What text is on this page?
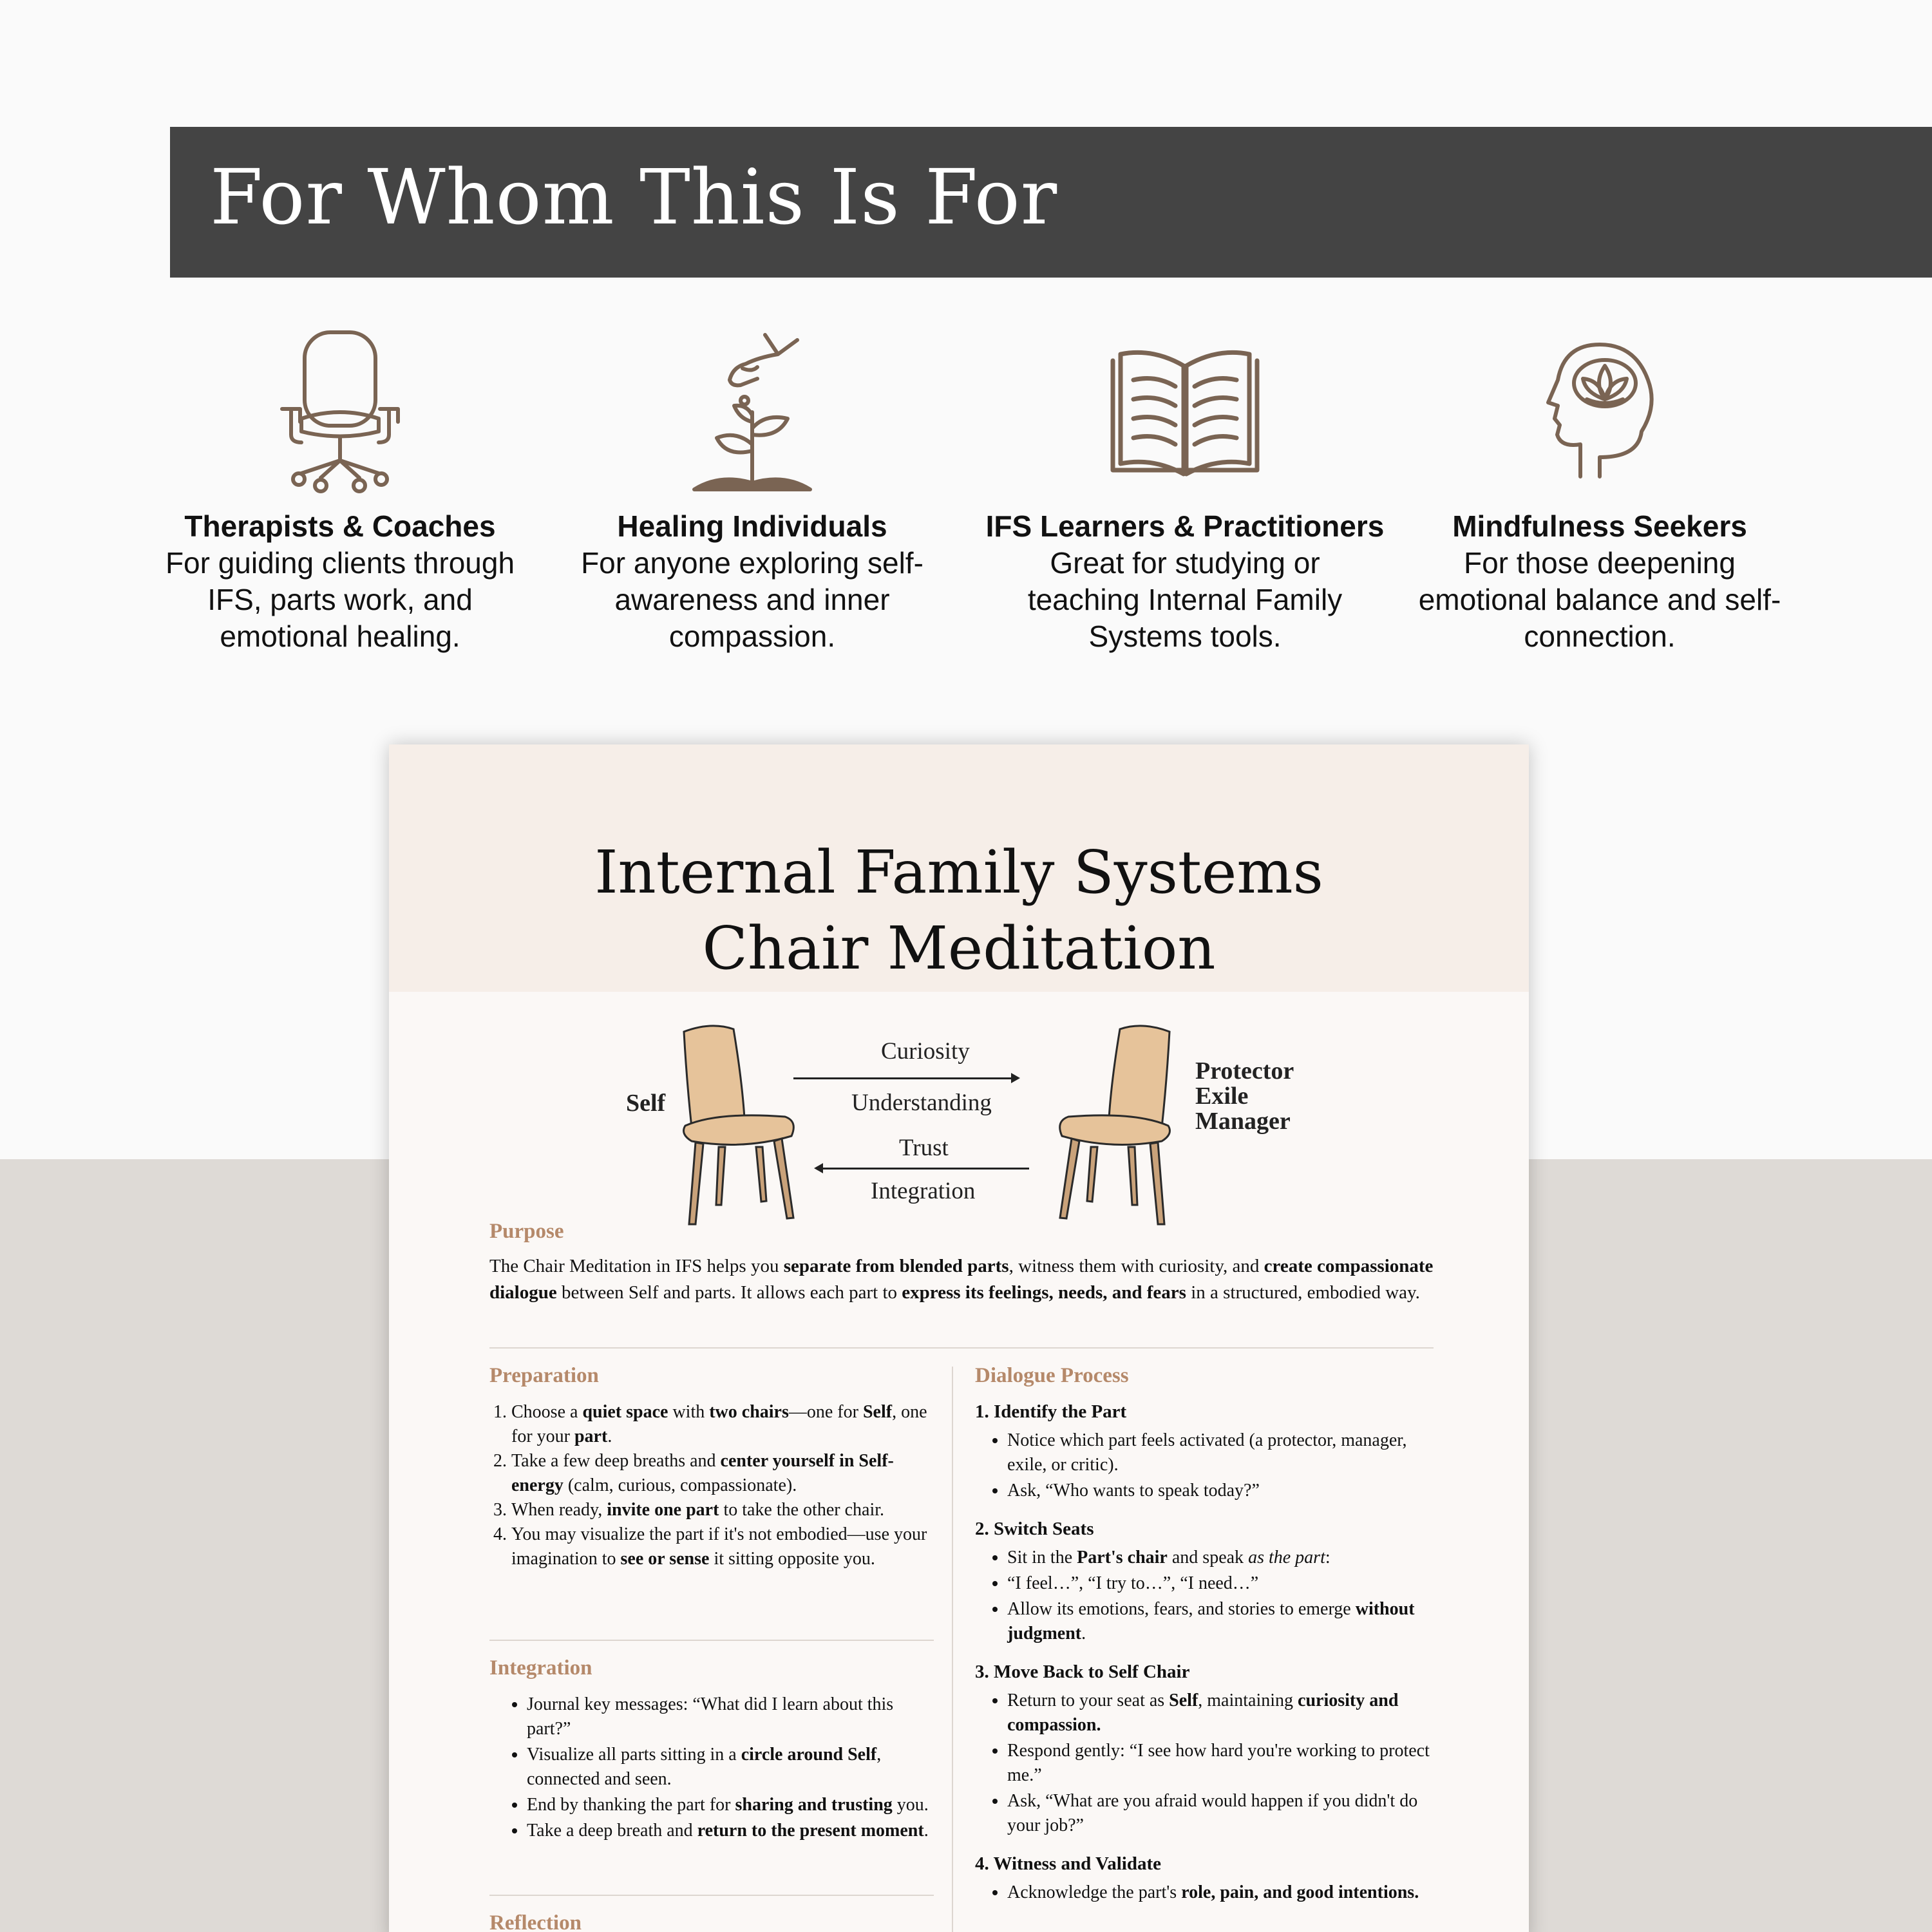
For Whom This Is For
Therapists & Coaches

For guiding clients through IFS, parts work, and emotional healing.

Healing Individuals

For anyone exploring self-awareness and inner compassion.

IFS Learners & Practitioners

Great for studying or teaching Internal Family Systems tools.

Mindfulness Seekers

For those deepening emotional balance and self-connection.

Internal Family Systems
Chair Meditation
Self
Curiosity
Understanding
Trust
Integration
Protector
Exile
Manager
Purpose
The Chair Meditation in IFS helps you separate from blended parts, witness them with curiosity, and create compassionate dialogue between Self and parts. It allows each part to express its feelings, needs, and fears in a structured, embodied way.
Preparation
1. Choose a quiet space with two chairs—one for Self, one for your part.
2. Take a few deep breaths and center yourself in Self-energy (calm, curious, compassionate).
3. When ready, invite one part to take the other chair.
4. You may visualize the part if it's not embodied—use your imagination to see or sense it sitting opposite you.
Integration
• Journal key messages: “What did I learn about this part?”
• Visualize all parts sitting in a circle around Self, connected and seen.
• End by thanking the part for sharing and trusting you.
• Take a deep breath and return to the present moment.
Reflection
Dialogue Process
1. Identify the Part
• Notice which part feels activated (a protector, manager, exile, or critic).
• Ask, “Who wants to speak today?”
2. Switch Seats
• Sit in the Part's chair and speak as the part:
• “I feel…”, “I try to…”, “I need…”
• Allow its emotions, fears, and stories to emerge without judgment.
3. Move Back to Self Chair
• Return to your seat as Self, maintaining curiosity and compassion.
• Respond gently: “I see how hard you're working to protect me.”
• Ask, “What are you afraid would happen if you didn't do your job?”
4. Witness and Validate
• Acknowledge the part's role, pain, and good intentions.
